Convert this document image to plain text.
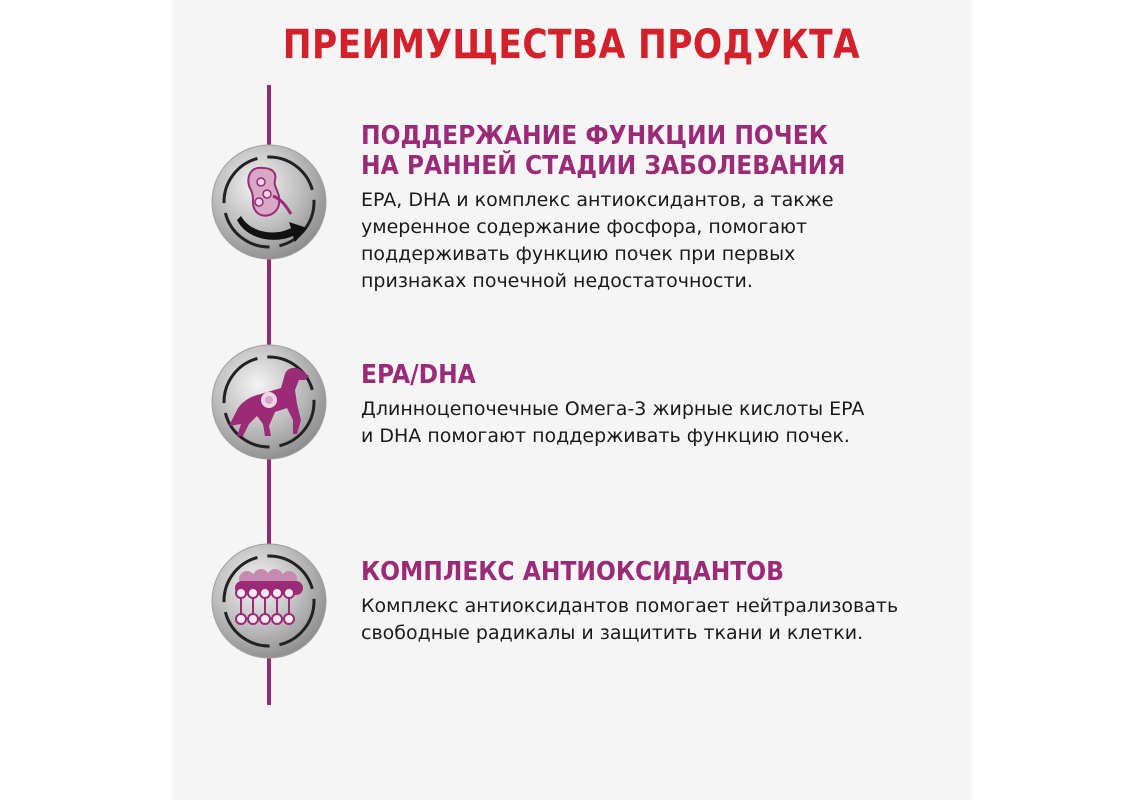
ПРЕИМУЩЕСТВА ПРОДУКТА
ПОДДЕРЖАНИЕ ФУНКЦИИ ПОЧЕК
НА РАННЕЙ СТАДИИ ЗАБОЛЕВАНИЯ
EPA, DHA и комплекс антиоксидантов, а также
умеренное содержание фосфора, помогают
поддерживать функцию почек при первых
признаках почечной недостаточности.
EPA/DHA
Длинноцепочечные Омега-3 жирные кислоты EPA
и DHA помогают поддерживать функцию почек.
КОМПЛЕКС АНТИОКСИДАНТОВ
Комплекс антиоксидантов помогает нейтрализовать
свободные радикалы и защитить ткани и клетки.
